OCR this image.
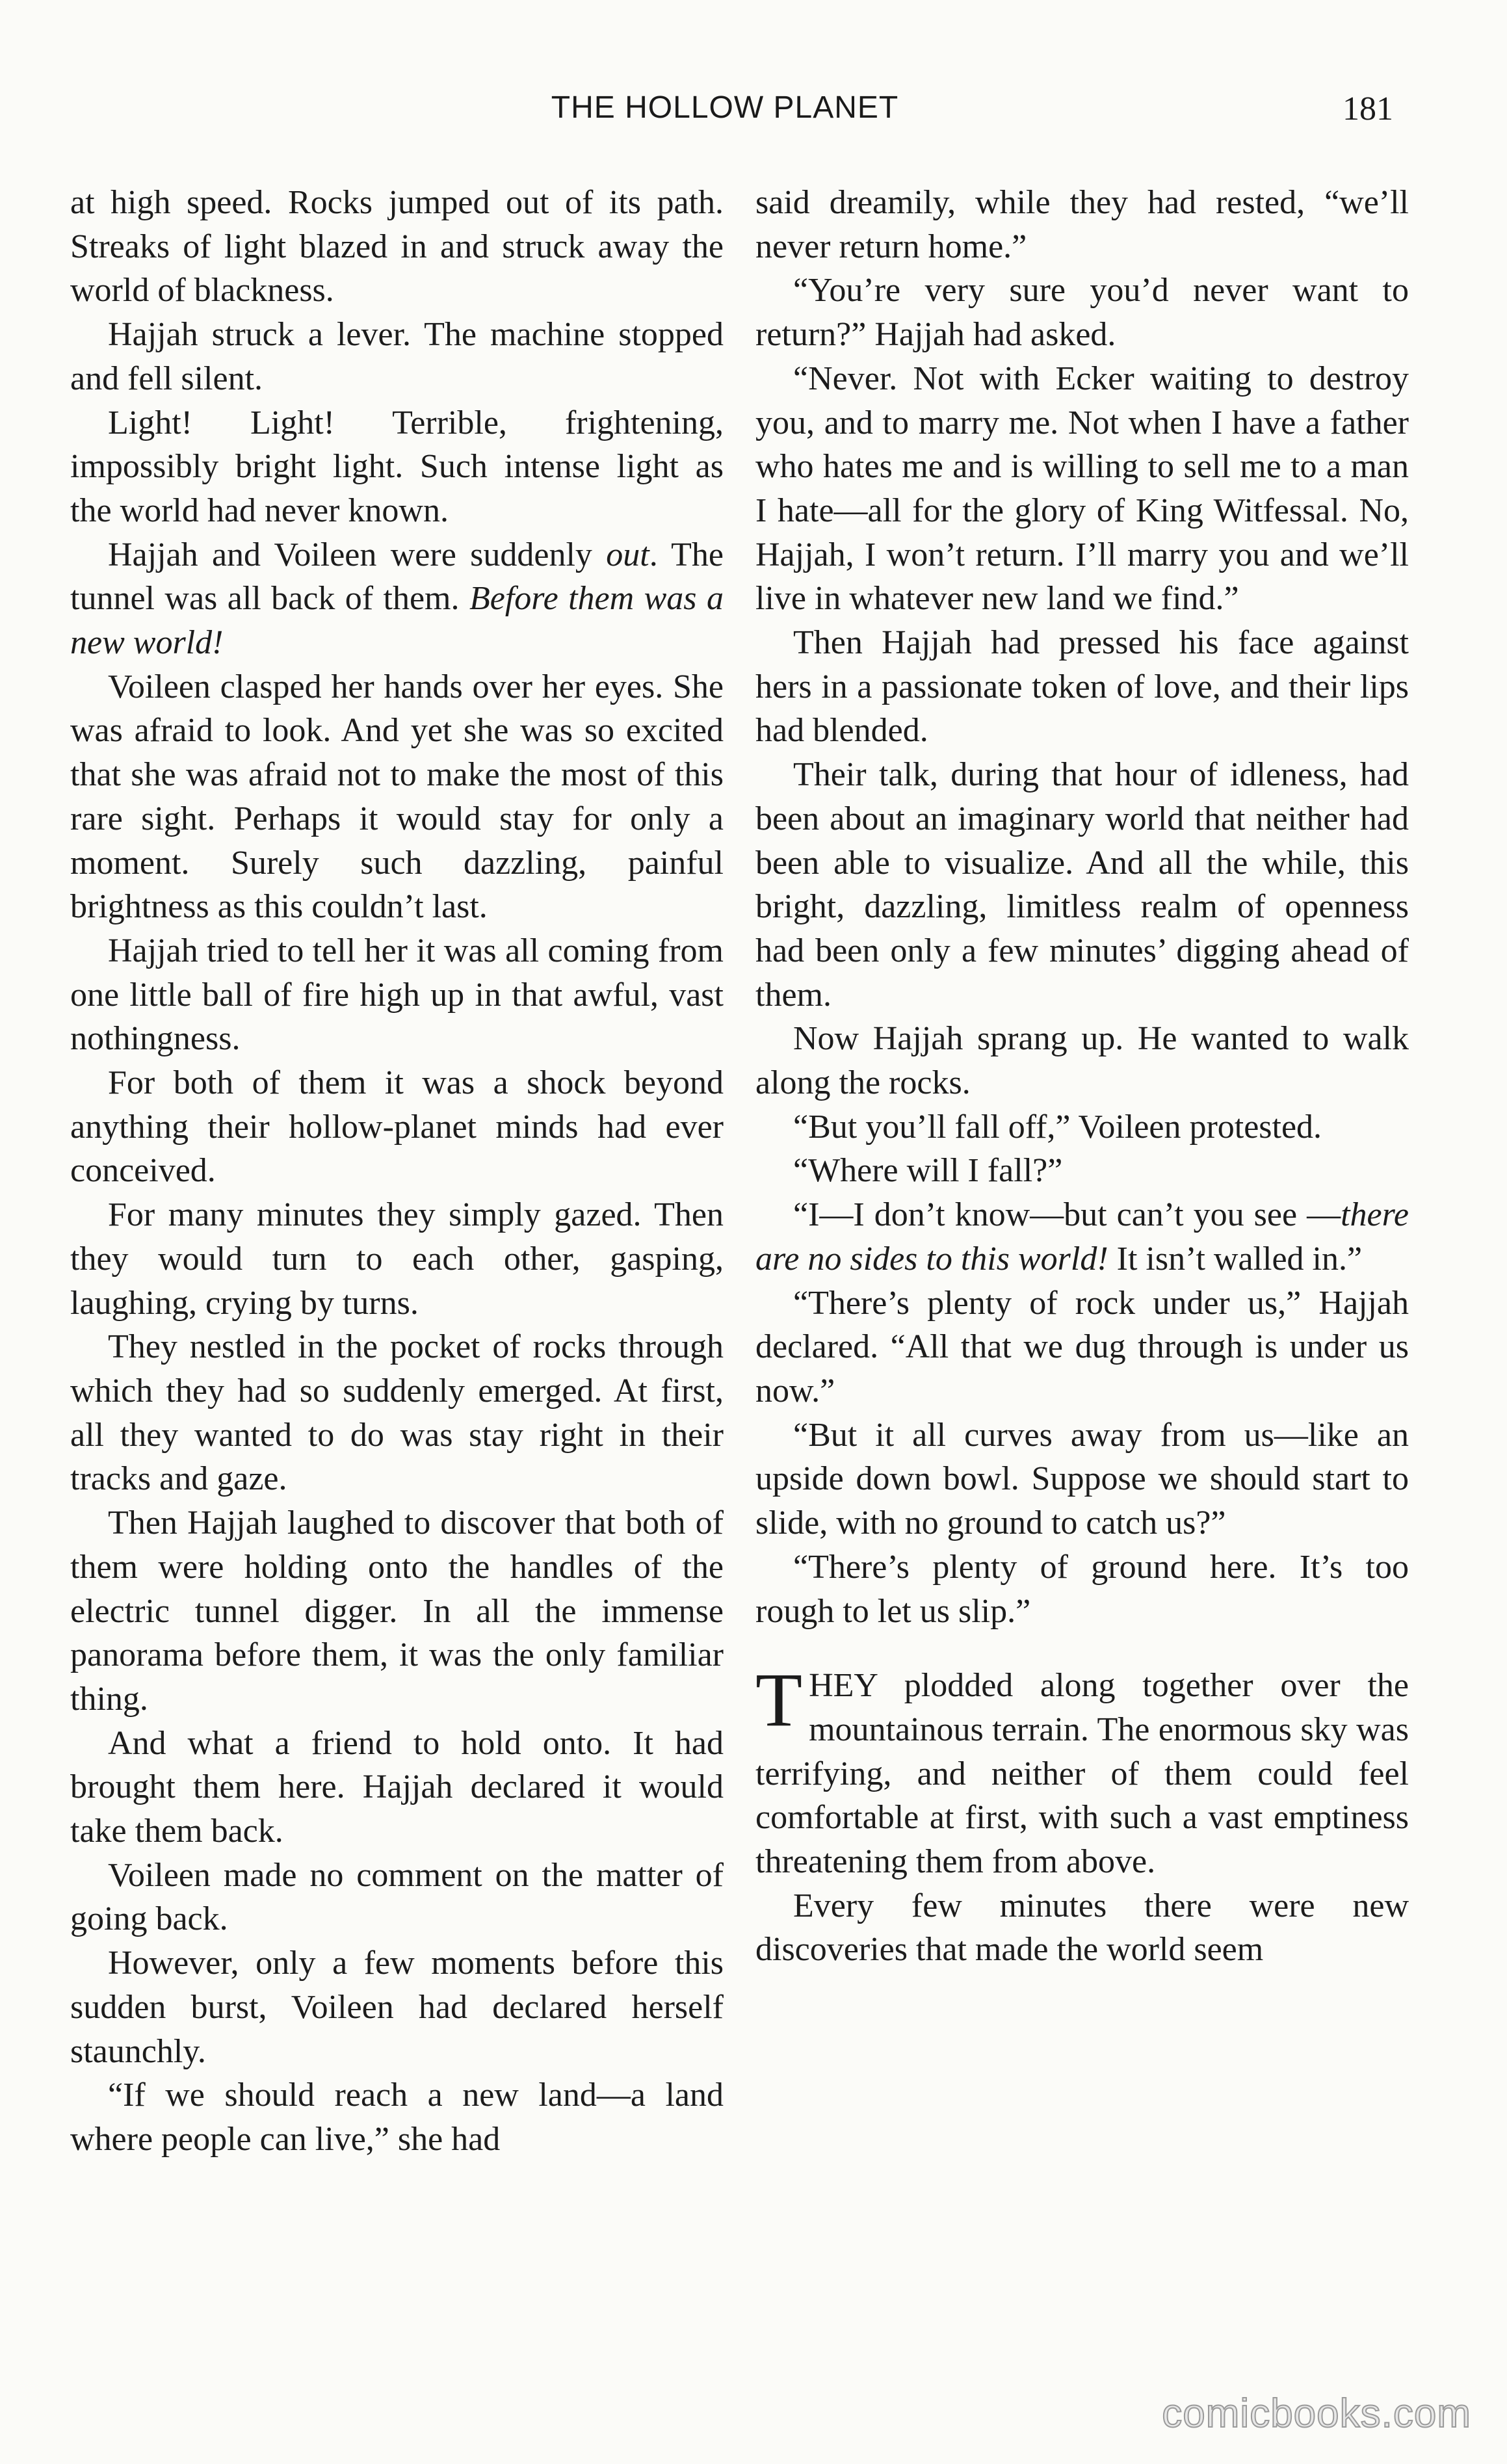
THE HOLLOW PLANET	181

at high speed. Rocks jumped out of its path. Streaks of light blazed in and struck away the world of blackness.

Hajjah struck a lever. The machine stopped and fell silent.

Light! Light! Terrible, frightening, impossibly bright light. Such intense light as the world had never known.

Hajjah and Voileen were suddenly out. The tunnel was all back of them. Before them was a new world!

Voileen clasped her hands over her eyes. She was afraid to look. And yet she was so excited that she was afraid not to make the most of this rare sight. Perhaps it would stay for only a moment. Surely such dazzling, painful brightness as this couldn’t last.

Hajjah tried to tell her it was all coming from one little ball of fire high up in that awful, vast nothingness.

For both of them it was a shock beyond anything their hollow-planet minds had ever conceived.

For many minutes they simply gazed. Then they would turn to each other, gasping, laughing, crying by turns.

They nestled in the pocket of rocks through which they had so suddenly emerged. At first, all they wanted to do was stay right in their tracks and gaze.

Then Hajjah laughed to discover that both of them were holding onto the handles of the electric tunnel digger. In all the immense panorama before them, it was the only familiar thing.

And what a friend to hold onto. It had brought them here. Hajjah declared it would take them back.

Voileen made no comment on the matter of going back.

However, only a few moments before this sudden burst, Voileen had declared herself staunchly.

“If we should reach a new land—a land where people can live,” she had

said dreamily, while they had rested, “we’ll never return home.”

“You’re very sure you’d never want to return?” Hajjah had asked.

“Never. Not with Ecker waiting to destroy you, and to marry me. Not when I have a father who hates me and is willing to sell me to a man I hate—all for the glory of King Witfessal. No, Hajjah, I won’t return. I’ll marry you and we’ll live in whatever new land we find.”

Then Hajjah had pressed his face against hers in a passionate token of love, and their lips had blended.

Their talk, during that hour of idleness, had been about an imaginary world that neither had been able to visualize. And all the while, this bright, dazzling, limitless realm of openness had been only a few minutes’ digging ahead of them.

Now Hajjah sprang up. He wanted to walk along the rocks.

“But you’ll fall off,” Voileen protested.

“Where will I fall?”

“I—I don’t know—but can’t you see —there are no sides to this world! It isn’t walled in.”

“There’s plenty of rock under us,” Hajjah declared. “All that we dug through is under us now.”

“But it all curves away from us—like an upside down bowl. Suppose we should start to slide, with no ground to catch us?”

“There’s plenty of ground here. It’s too rough to let us slip.”

THEY plodded along together over the mountainous terrain. The enormous sky was terrifying, and neither of them could feel comfortable at first, with such a vast emptiness threatening them from above.

Every few minutes there were new discoveries that made the world seem

comicbooks.com
